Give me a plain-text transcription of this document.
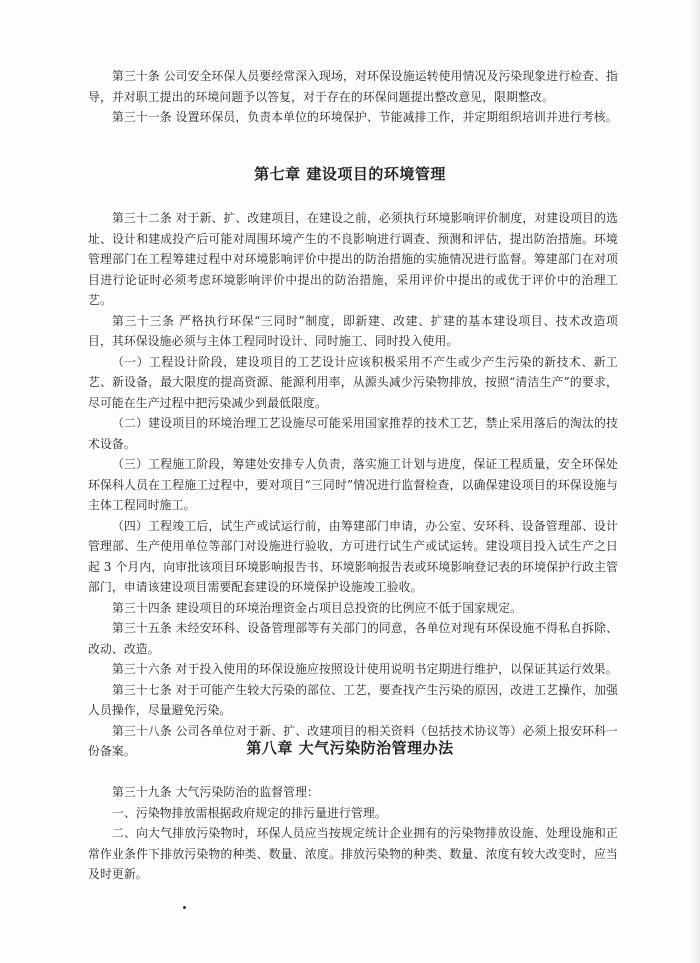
第三十条 公司安全环保人员要经常深入现场，对环保设施运转使用情况及污染现象进行检查、指导，并对职工提出的环境问题予以答复，对于存在的环保问题提出整改意见，限期整改。

第三十一条 设置环保员，负责本单位的环境保护、节能减排工作，并定期组织培训并进行考核。

第七章 建设项目的环境管理

第三十二条 对于新、扩、改建项目，在建设之前，必须执行环境影响评价制度，对建设项目的选址、设计和建成投产后可能对周围环境产生的不良影响进行调查、预测和评估，提出防治措施。环境管理部门在工程筹建过程中对环境影响评价中提出的防治措施的实施情况进行监督。筹建部门在对项目进行论证时必须考虑环境影响评价中提出的防治措施，采用评价中提出的或优于评价中的治理工艺。

第三十三条 严格执行环保“三同时”制度，即新建、改建、扩建的基本建设项目、技术改造项目，其环保设施必须与主体工程同时设计、同时施工、同时投入使用。

（一）工程设计阶段，建设项目的工艺设计应该积极采用不产生或少产生污染的新技术、新工艺、新设备，最大限度的提高资源、能源利用率，从源头减少污染物排放，按照“清洁生产”的要求，尽可能在生产过程中把污染减少到最低限度。

（二）建设项目的环境治理工艺设施尽可能采用国家推荐的技术工艺，禁止采用落后的淘汰的技术设备。

（三）工程施工阶段，筹建处安排专人负责，落实施工计划与进度，保证工程质量，安全环保处环保科人员在工程施工过程中，要对项目“三同时”情况进行监督检查，以确保建设项目的环保设施与主体工程同时施工。

（四）工程竣工后，试生产或试运行前，由筹建部门申请，办公室、安环科、设备管理部、设计管理部、生产使用单位等部门对设施进行验收，方可进行试生产或试运转。建设项目投入试生产之日起 3 个月内，向审批该项目环境影响报告书、环境影响报告表或环境影响登记表的环境保护行政主管部门，申请该建设项目需要配套建设的环境保护设施竣工验收。

第三十四条 建设项目的环境治理资金占项目总投资的比例应不低于国家规定。

第三十五条 未经安环科、设备管理部等有关部门的同意，各单位对现有环保设施不得私自拆除、改动、改造。

第三十六条 对于投入使用的环保设施应按照设计使用说明书定期进行维护，以保证其运行效果。

第三十七条 对于可能产生较大污染的部位、工艺，要查找产生污染的原因，改进工艺操作，加强人员操作，尽量避免污染。

第三十八条 公司各单位对于新、扩、改建项目的相关资料（包括技术协议等）必须上报安环科一份备案。	第八章 大气污染防治管理办法

第三十九条 大气污染防治的监督管理：

一、污染物排放需根据政府规定的排污量进行管理。

二、向大气排放污染物时，环保人员应当按规定统计企业拥有的污染物排放设施、处理设施和正常作业条件下排放污染物的种类、数量、浓度。排放污染物的种类、数量、浓度有较大改变时，应当及时更新。
